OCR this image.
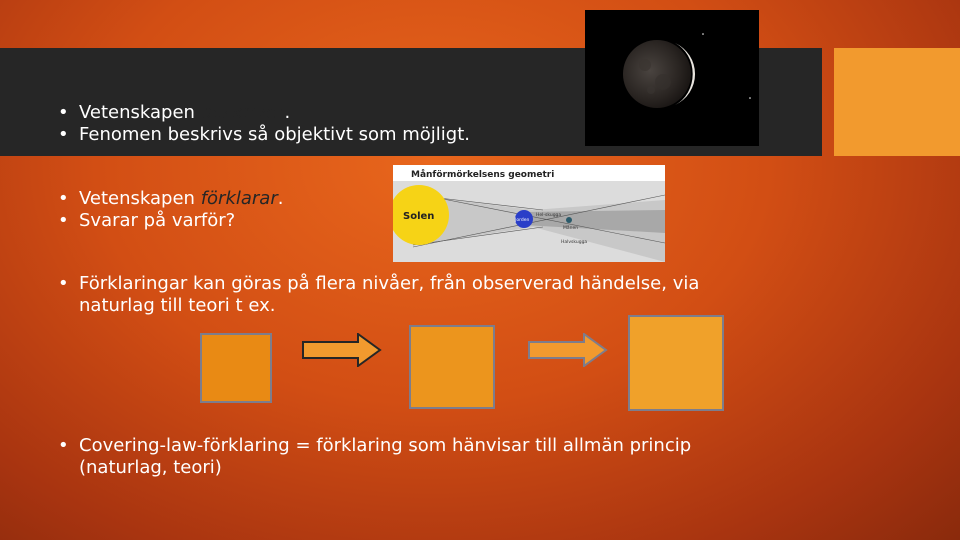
• Vetenskapen beskriver.
• Fenomen beskrivs så objektivt som möjligt.
• Vetenskapen förklarar.
• Svarar på varför?
Månförmörkelsens geometri
Solen	Jorden
Hel-skugga
Månen
Halvskugga
• Förklaringar kan göras på flera nivåer, från observerad händelse, via naturlag till teori t ex.
• Covering-law-förklaring = förklaring som hänvisar till allmän princip (naturlag, teori)
